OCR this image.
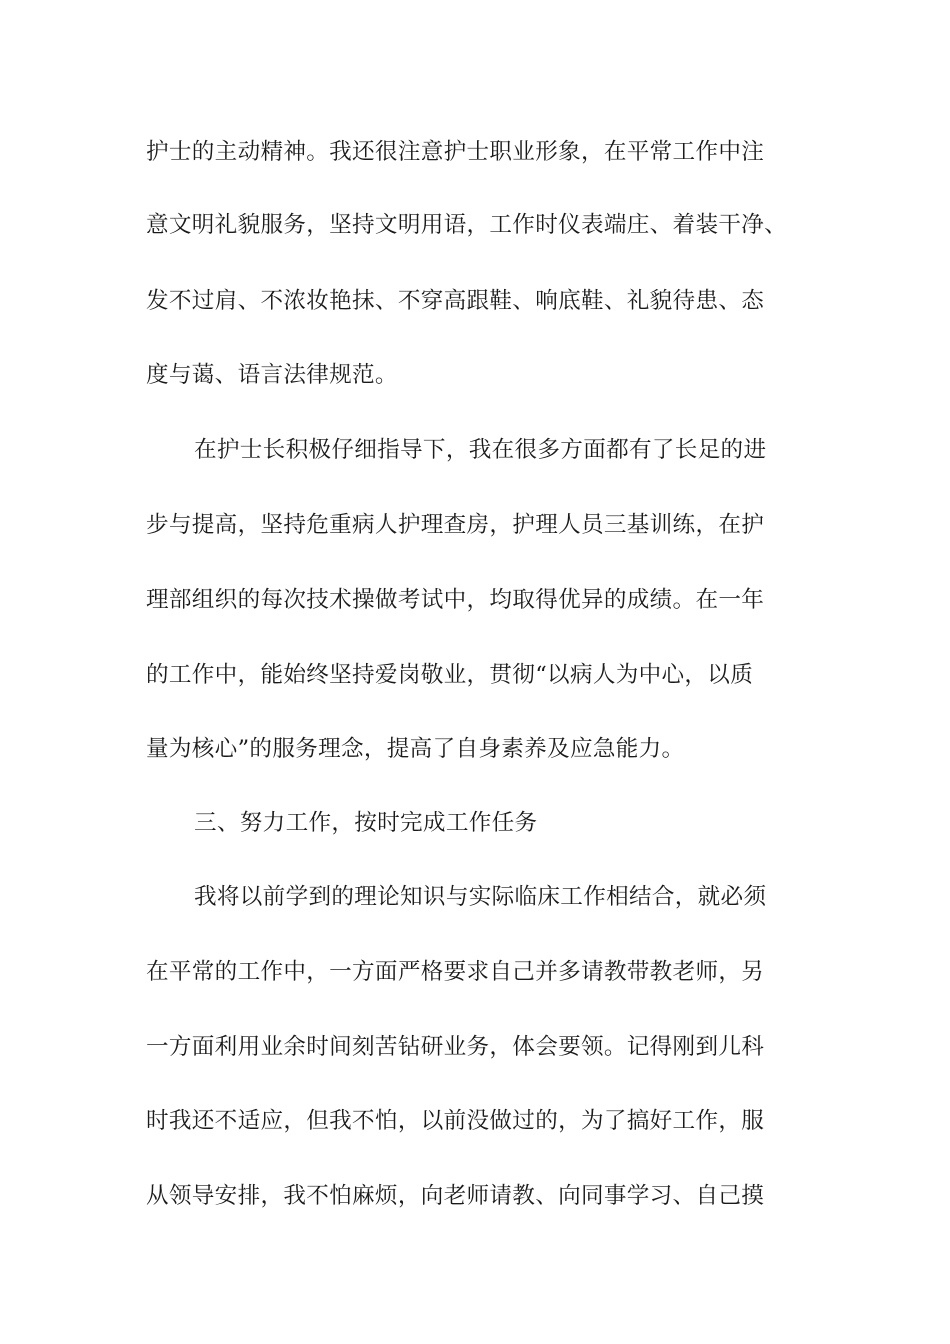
护士的主动精神。我还很注意护士职业形象，在平常工作中注
意文明礼貌服务，坚持文明用语，工作时仪表端庄、着装干净、
发不过肩、不浓妆艳抹、不穿高跟鞋、响底鞋、礼貌待患、态
度与蔼、语言法律规范。
在护士长积极仔细指导下，我在很多方面都有了长足的进
步与提高，坚持危重病人护理查房，护理人员三基训练，在护
理部组织的每次技术操做考试中，均取得优异的成绩。在一年
的工作中，能始终坚持爱岗敬业，贯彻“以病人为中心，以质
量为核心”的服务理念，提高了自身素养及应急能力。
三、努力工作，按时完成工作任务
我将以前学到的理论知识与实际临床工作相结合，就必须
在平常的工作中，一方面严格要求自己并多请教带教老师，另
一方面利用业余时间刻苦钻研业务，体会要领。记得刚到儿科
时我还不适应，但我不怕，以前没做过的，为了搞好工作，服
从领导安排，我不怕麻烦，向老师请教、向同事学习、自己摸
